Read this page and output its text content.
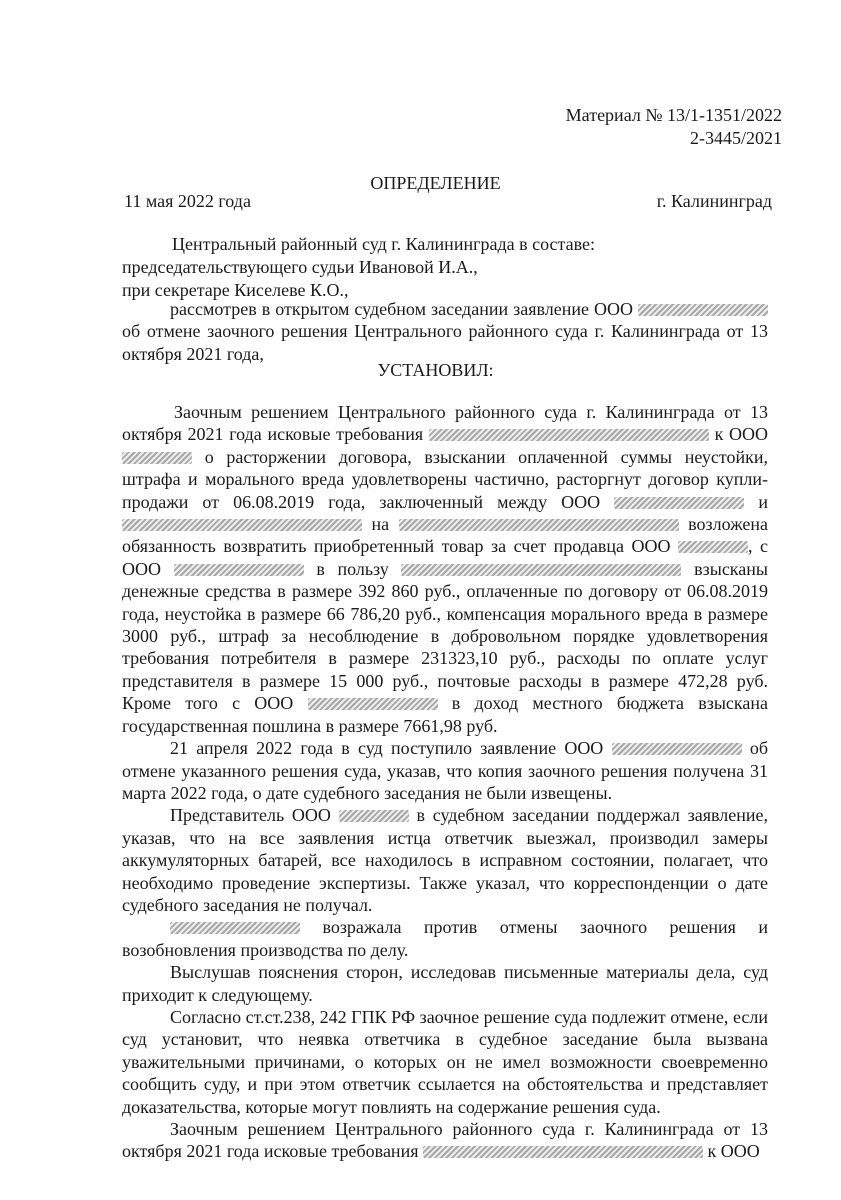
Материал № 13/1-1351/2022
2-3445/2021
ОПРЕДЕЛЕНИЕ
11 мая 2022 года	г. Калининград
Центральный районный суд г. Калининграда в составе:
председательствующего судьи Ивановой И.А.,
при секретаре Киселеве К.О.,

рассмотрев в открытом судебном заседании заявление ООО  об отмене заочного решения Центрального районного суда г. Калининграда от 13 октября 2021 года,

УСТАНОВИЛ:

Заочным решением Центрального районного суда г. Калининграда от 13 октября 2021 года исковые требования	к ООО  о расторжении договора, взыскании оплаченной суммы неустойки, штрафа и морального вреда удовлетворены частично, расторгнут договор купли-продажи от 06.08.2019 года, заключенный между ООО	и  на	возложена обязанность возвратить приобретенный товар за счет продавца ООО	, с ООО	в пользу	взысканы денежные средства в размере 392 860 руб., оплаченные по договору от 06.08.2019 года, неустойка в размере 66 786,20 руб., компенсация морального вреда в размере 3000 руб., штраф за несоблюдение в добровольном порядке удовлетворения требования потребителя в размере 231323,10 руб., расходы по оплате услуг представителя в размере 15 000 руб., почтовые расходы в размере 472,28 руб. Кроме того с ООО	в доход местного бюджета взыскана государственная пошлина в размере 7661,98 руб.

21 апреля 2022 года в суд поступило заявление ООО	об отмене указанного решения суда, указав, что копия заочного решения получена 31 марта 2022 года, о дате судебного заседания не были извещены.

Представитель ООО	в судебном заседании поддержал заявление, указав, что на все заявления истца ответчик выезжал, производил замеры аккумуляторных батарей, все находилось в исправном состоянии, полагает, что необходимо проведение экспертизы. Также указал, что корреспонденции о дате судебного заседания не получал.

возражала против отмены заочного решения и возобновления производства по делу.

Выслушав пояснения сторон, исследовав письменные материалы дела, суд приходит к следующему.

Согласно ст.ст.238, 242 ГПК РФ заочное решение суда подлежит отмене, если суд установит, что неявка ответчика в судебное заседание была вызвана уважительными причинами, о которых он не имел возможности своевременно сообщить суду, и при этом ответчик ссылается на обстоятельства и представляет доказательства, которые могут повлиять на содержание решения суда.

Заочным решением Центрального районного суда г. Калининграда от 13 октября 2021 года исковые требования	к ООО
